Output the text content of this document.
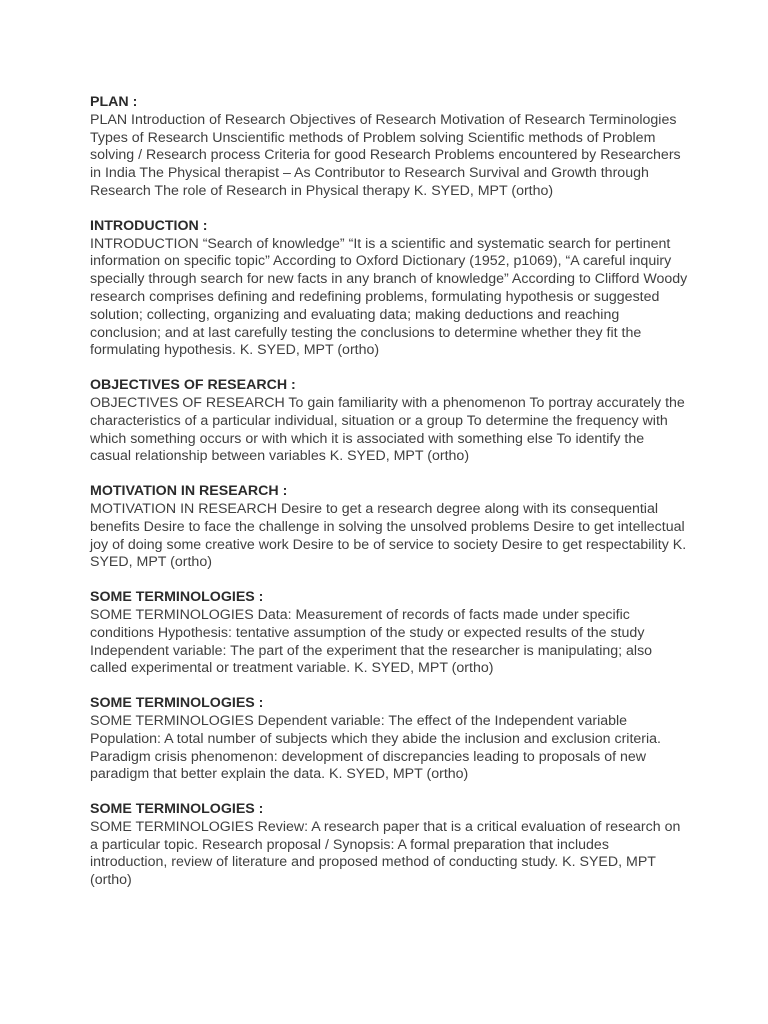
PLAN :

PLAN Introduction of Research Objectives of Research Motivation of Research Terminologies Types of Research Unscientific methods of Problem solving Scientific methods of Problem solving / Research process Criteria for good Research Problems encountered by Researchers in India The Physical therapist – As Contributor to Research Survival and Growth through Research The role of Research in Physical therapy K. SYED, MPT (ortho)

INTRODUCTION :

INTRODUCTION “Search of knowledge” “It is a scientific and systematic search for pertinent information on specific topic” According to Oxford Dictionary (1952, p1069), “A careful inquiry specially through search for new facts in any branch of knowledge” According to Clifford Woody research comprises defining and redefining problems, formulating hypothesis or suggested solution; collecting, organizing and evaluating data; making deductions and reaching conclusion; and at last carefully testing the conclusions to determine whether they fit the formulating hypothesis. K. SYED, MPT (ortho)

OBJECTIVES OF RESEARCH :

OBJECTIVES OF RESEARCH To gain familiarity with a phenomenon To portray accurately the characteristics of a particular individual, situation or a group To determine the frequency with which something occurs or with which it is associated with something else To identify the casual relationship between variables K. SYED, MPT (ortho)

MOTIVATION IN RESEARCH :

MOTIVATION IN RESEARCH Desire to get a research degree along with its consequential benefits Desire to face the challenge in solving the unsolved problems Desire to get intellectual joy of doing some creative work Desire to be of service to society Desire to get respectability K. SYED, MPT (ortho)

SOME TERMINOLOGIES :

SOME TERMINOLOGIES Data: Measurement of records of facts made under specific conditions Hypothesis: tentative assumption of the study or expected results of the study Independent variable: The part of the experiment that the researcher is manipulating; also called experimental or treatment variable. K. SYED, MPT (ortho)

SOME TERMINOLOGIES :

SOME TERMINOLOGIES Dependent variable: The effect of the Independent variable Population: A total number of subjects which they abide the inclusion and exclusion criteria. Paradigm crisis phenomenon: development of discrepancies leading to proposals of new paradigm that better explain the data. K. SYED, MPT (ortho)

SOME TERMINOLOGIES :

SOME TERMINOLOGIES Review: A research paper that is a critical evaluation of research on a particular topic. Research proposal / Synopsis: A formal preparation that includes introduction, review of literature and proposed method of conducting study. K. SYED, MPT (ortho)
